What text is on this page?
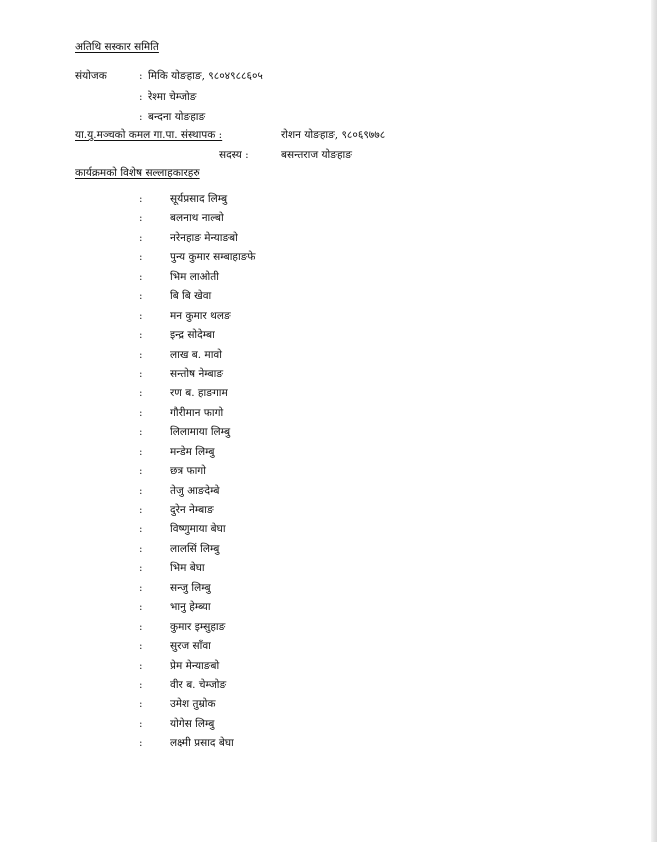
अतिथि सस्कार समिति
संयोजक	: मिकि योङहाङ, ९८०४९८८६०५
: रेश्मा चेम्जोङ
: बन्दना योङहाङ
या.यु.मञ्चको कमल गा.पा. संस्थापक :	रोशन योङहाङ, ९८०६९७७८
सदस्य :	बसन्तराज योङहाङ
कार्यक्रमको विशेष सल्लाहकारहरु
:	सूर्यप्रसाद लिम्बु
:	बलनाथ नाल्बो
:	नरेनहाङ मेन्याङबो
:	पुन्य कुमार सम्बाहाङफे
:	भिम लाओती
:	बि बि खेवा
:	मन कुमार थलङ
:	इन्द्र सोदेम्बा
:	लाख ब. मावो
:	सन्तोष नेम्बाङ
:	रण ब. हाङगाम
:	गौरीमान फागो
:	लिलामाया लिम्बु
:	मन्डेम लिम्बु
:	छत्र फागो
:	तेजु आङदेम्बे
:	दुरेन नेम्बाङ
:	विष्णुमाया बेघा
:	लालसिं लिम्बु
:	भिम बेघा
:	सन्जु लिम्बु
:	भानु हेम्ब्या
:	कुमार इम्सुहाङ
:	सुरज साँवा
:	प्रेम मेन्याङबो
:	वीर ब. चेम्जोङ
:	उमेश तुम्रोक
:	योगेस लिम्बु
:	लक्ष्मी प्रसाद बेघा
